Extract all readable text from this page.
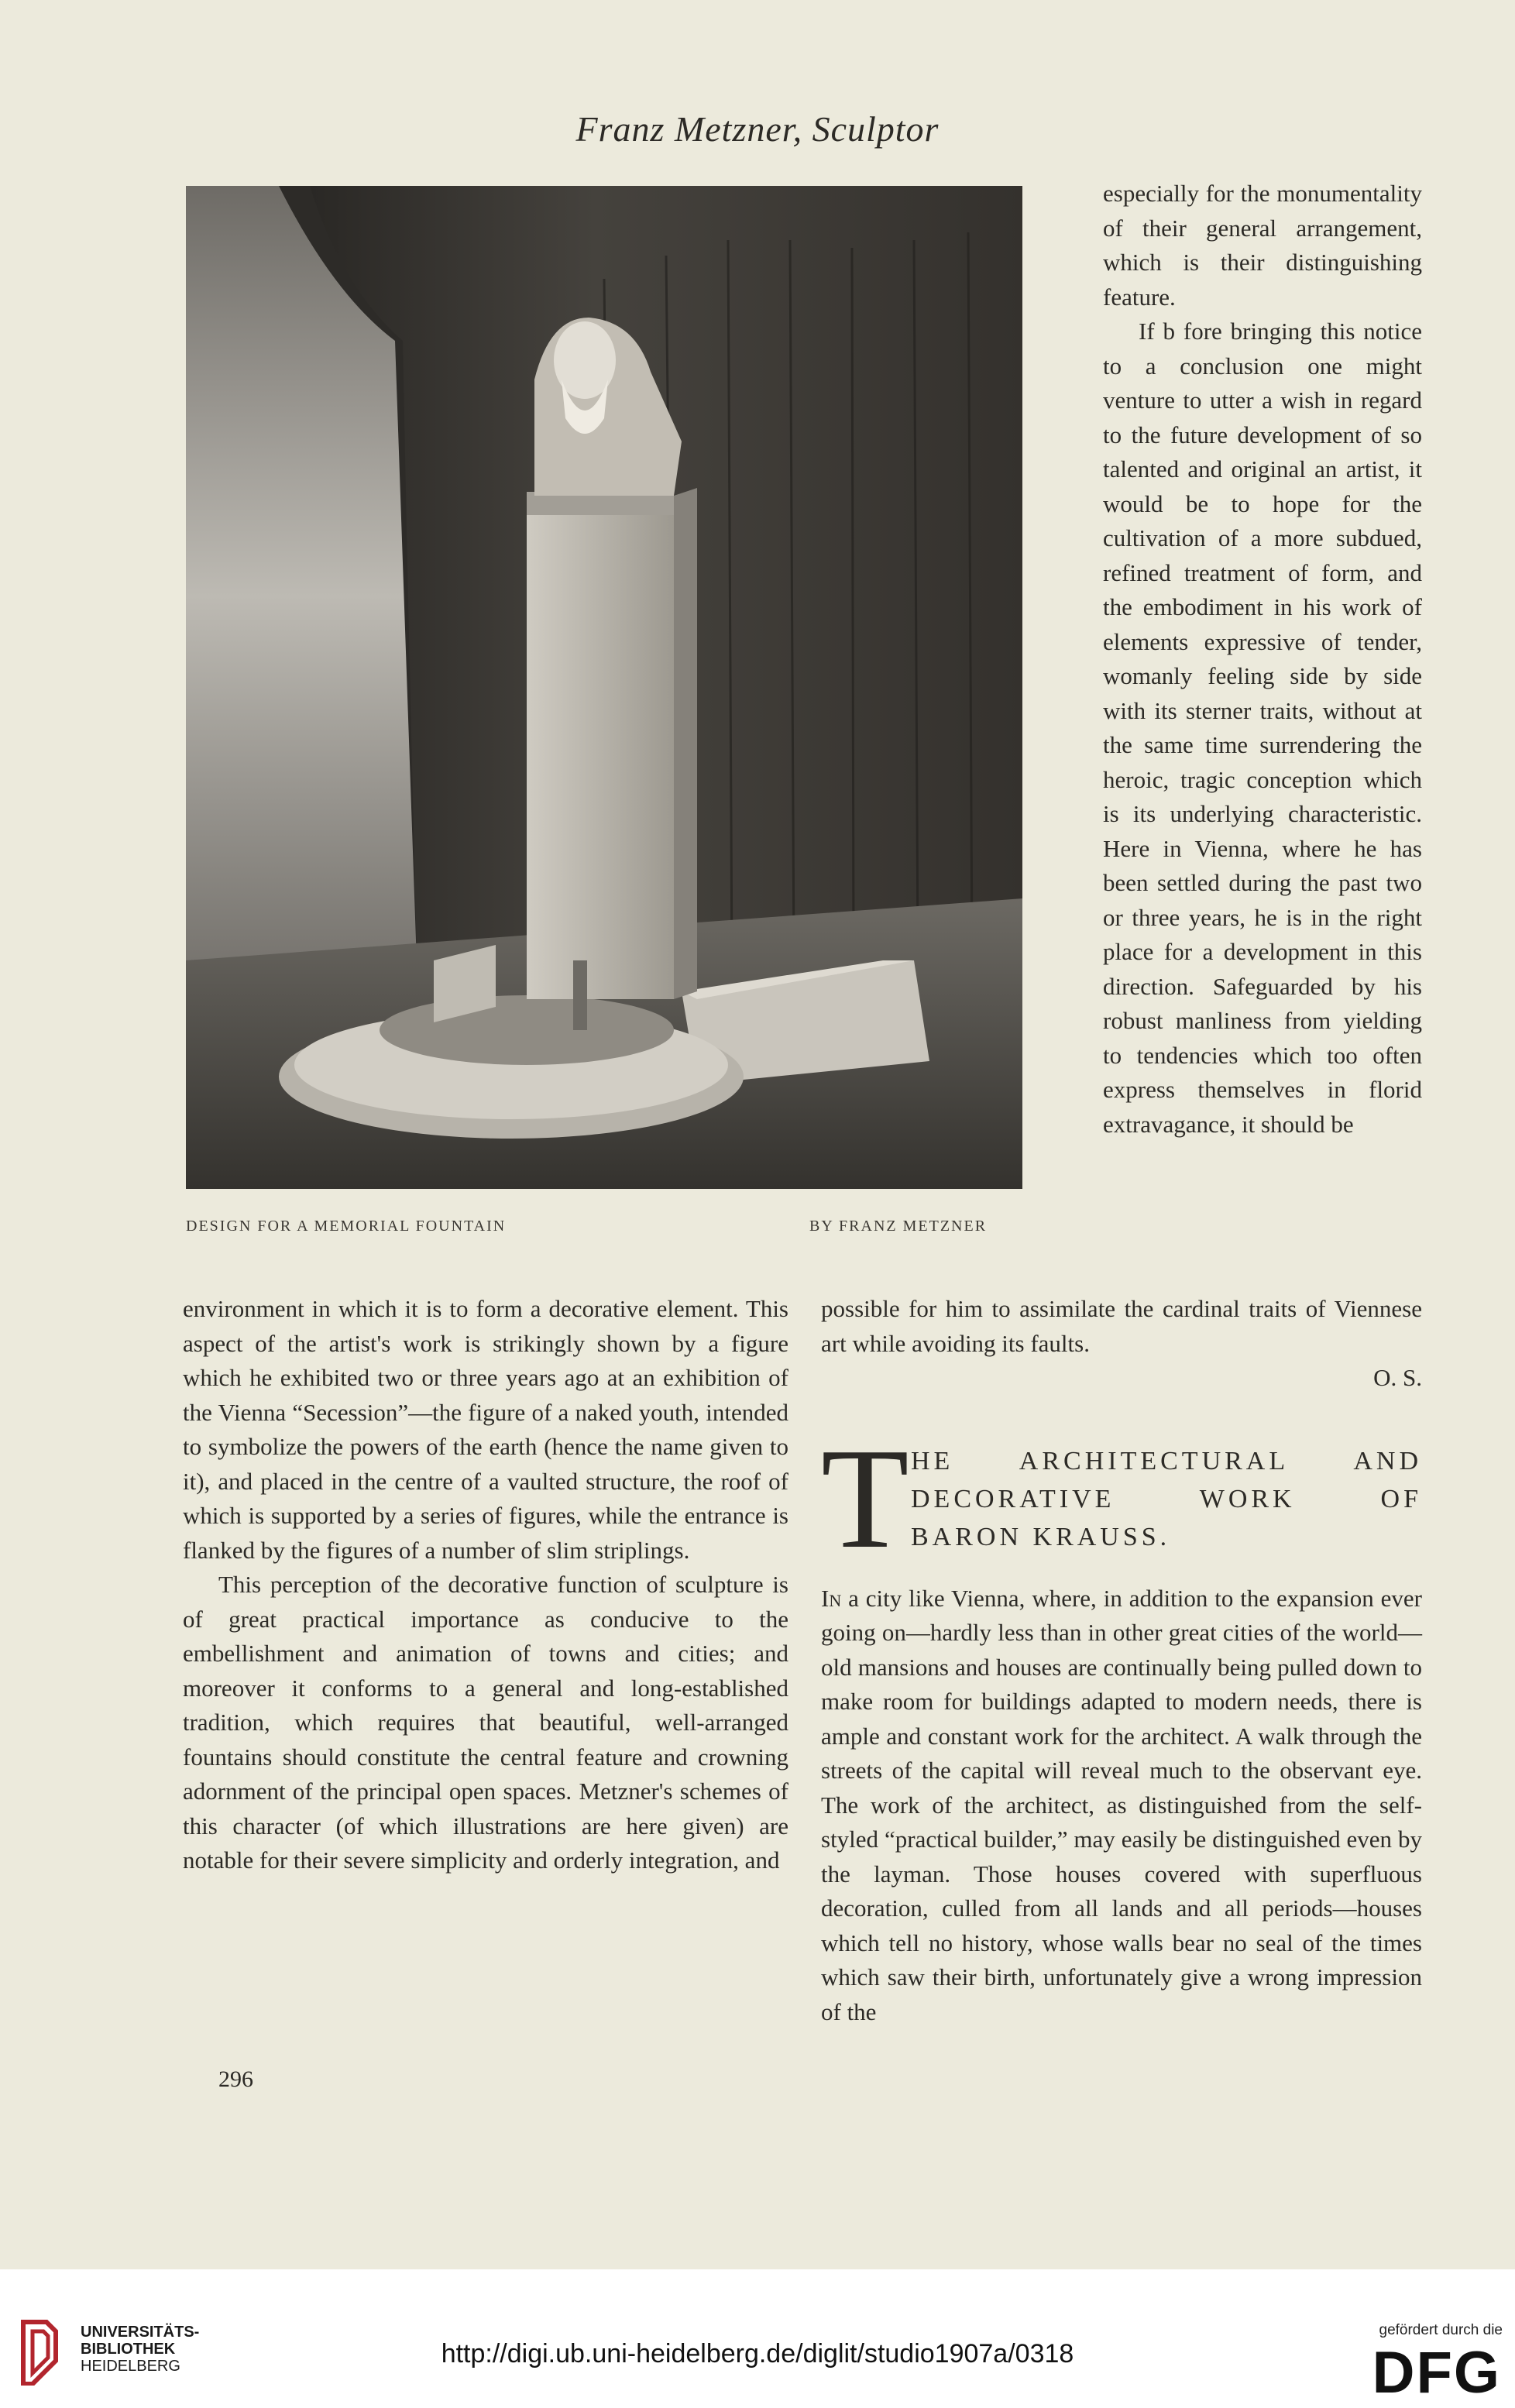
Franz Metzner, Sculptor
DESIGN FOR A MEMORIAL FOUNTAIN	BY FRANZ METZNER

especially for the monumentality of their general arrangement, which is their distinguishing feature.

If b fore bringing this notice to a conclusion one might venture to utter a wish in regard to the future development of so talented and original an artist, it would be to hope for the cultivation of a more subdued, refined treatment of form, and the embodiment in his work of elements expressive of tender, womanly feeling side by side with its sterner traits, without at the same time surrendering the heroic, tragic conception which is its underlying characteristic. Here in Vienna, where he has been settled during the past two or three years, he is in the right place for a development in this direction. Safeguarded by his robust manliness from yielding to tendencies which too often express themselves in florid extravagance, it should be

environment in which it is to form a decorative element. This aspect of the artist's work is strikingly shown by a figure which he exhibited two or three years ago at an exhibition of the Vienna “Secession”—the figure of a naked youth, intended to symbolize the powers of the earth (hence the name given to it), and placed in the centre of a vaulted structure, the roof of which is supported by a series of figures, while the entrance is flanked by the figures of a number of slim striplings.

This perception of the decorative function of sculpture is of great practical importance as conducive to the embellishment and animation of towns and cities; and moreover it conforms to a general and long-established tradition, which requires that beautiful, well-arranged fountains should constitute the central feature and crowning adornment of the principal open spaces. Metzner's schemes of this character (of which illustrations are here given) are notable for their severe simplicity and orderly integration, and

possible for him to assimilate the cardinal traits of Viennese art while avoiding its faults.

O. S.

T HE ARCHITECTURAL AND
DECORATIVE WORK OF
BARON KRAUSS.

In a city like Vienna, where, in addition to the expansion ever going on—hardly less than in other great cities of the world—old mansions and houses are continually being pulled down to make room for buildings adapted to modern needs, there is ample and constant work for the architect. A walk through the streets of the capital will reveal much to the observant eye. The work of the architect, as distinguished from the self-styled “practical builder,” may easily be distinguished even by the layman. Those houses covered with superfluous decoration, culled from all lands and all periods—houses which tell no history, whose walls bear no seal of the times which saw their birth, unfortunately give a wrong impression of the

296
UNIVERSITÄTS-
BIBLIOTHEK
HEIDELBERG	http://digi.ub.uni-heidelberg.de/diglit/studio1907a/0318
gefördert durch die
DFG
